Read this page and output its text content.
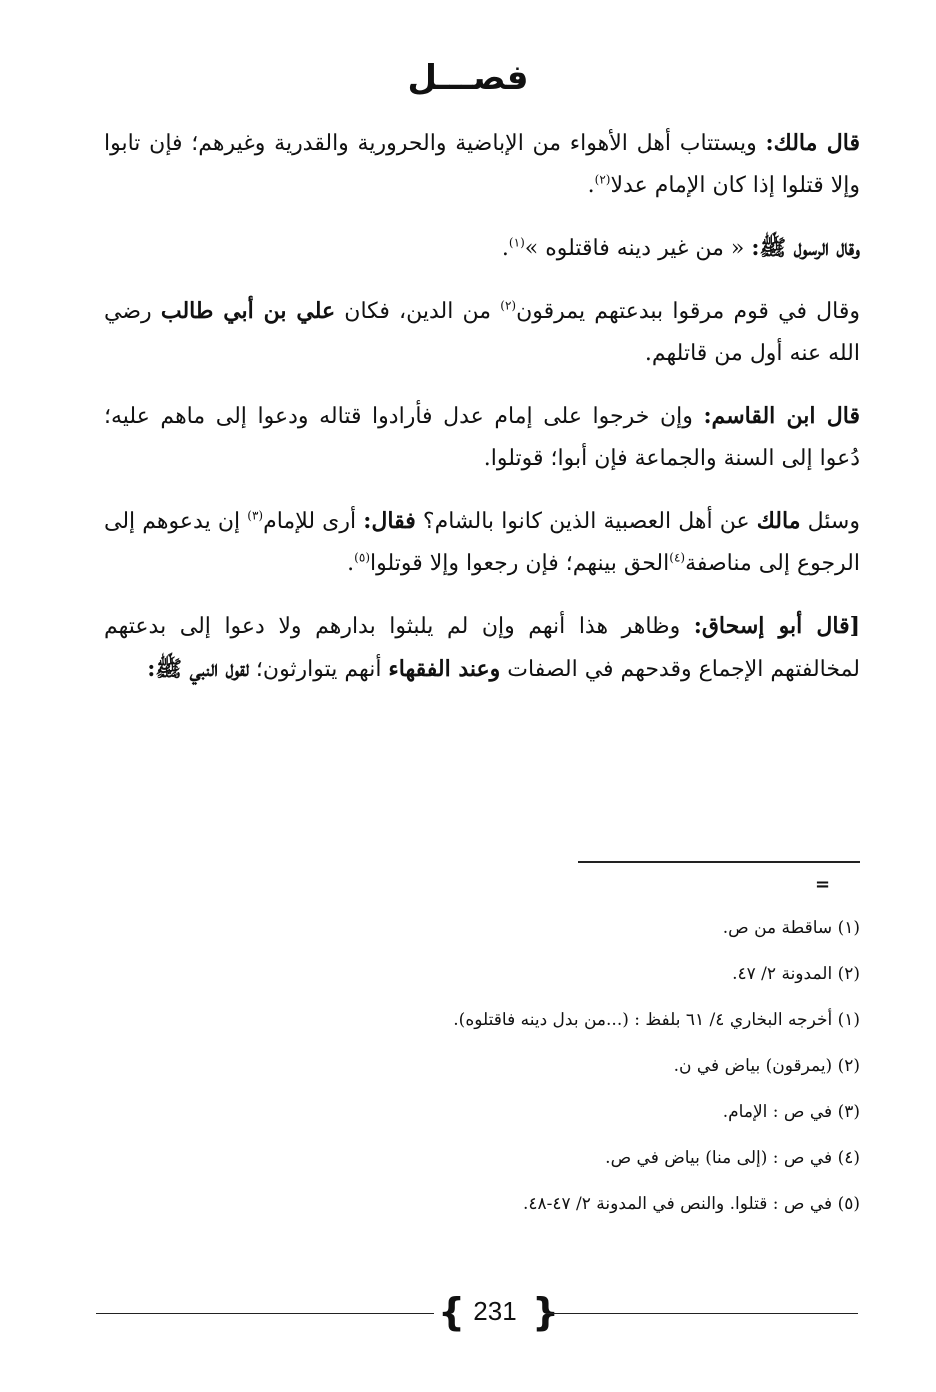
فصـــل

قال مالك: ويستتاب أهل الأهواء من الإباضية والحرورية والقدرية وغيرهم؛ فإن تابوا وإلا قتلوا إذا كان الإمام عدلا$^{(٢)}$.

وقال الرسول ﷺ: « من غير دينه فاقتلوه »$^{(١)}$.

وقال في قوم مرقوا ببدعتهم يمرقون$^{(٢)}$ من الدين، فكان علي بن أبي طالب رضي الله عنه أول من قاتلهم.

قال ابن القاسم: وإن خرجوا على إمام عدل فأرادوا قتاله ودعوا إلى ماهم عليه؛ دُعوا إلى السنة والجماعة فإن أبوا؛ قوتلوا.

وسئل مالك عن أهل العصبية الذين كانوا بالشام؟ فقال: أرى للإمام$^{(٣)}$ إن يدعوهم إلى الرجوع إلى مناصفة$^{(٤)}$الحق بينهم؛ فإن رجعوا وإلا قوتلوا$^{(٥)}$.

[قال أبو إسحاق: وظاهر هذا أنهم وإن لم يلبثوا بدارهم ولا دعوا إلى بدعتهم لمخالفتهم الإجماع وقدحهم في الصفات وعند الفقهاء أنهم يتوارثون؛ لقول النبي ﷺ:

=
(١) ساقطة من ص.
(٢) المدونة ٢/ ٤٧.
(١) أخرجه البخاري ٤/ ٦١ بلفظ : (...من بدل دينه فاقتلوه).
(٢) (يمرقون) بياض في ن.
(٣) في ص : الإمام.
(٤) في ص : (إلى منا) بياض في ص.
(٥) في ص : قتلوا. والنص في المدونة ٢/ ٤٧-٤٨.
{ 231 }
